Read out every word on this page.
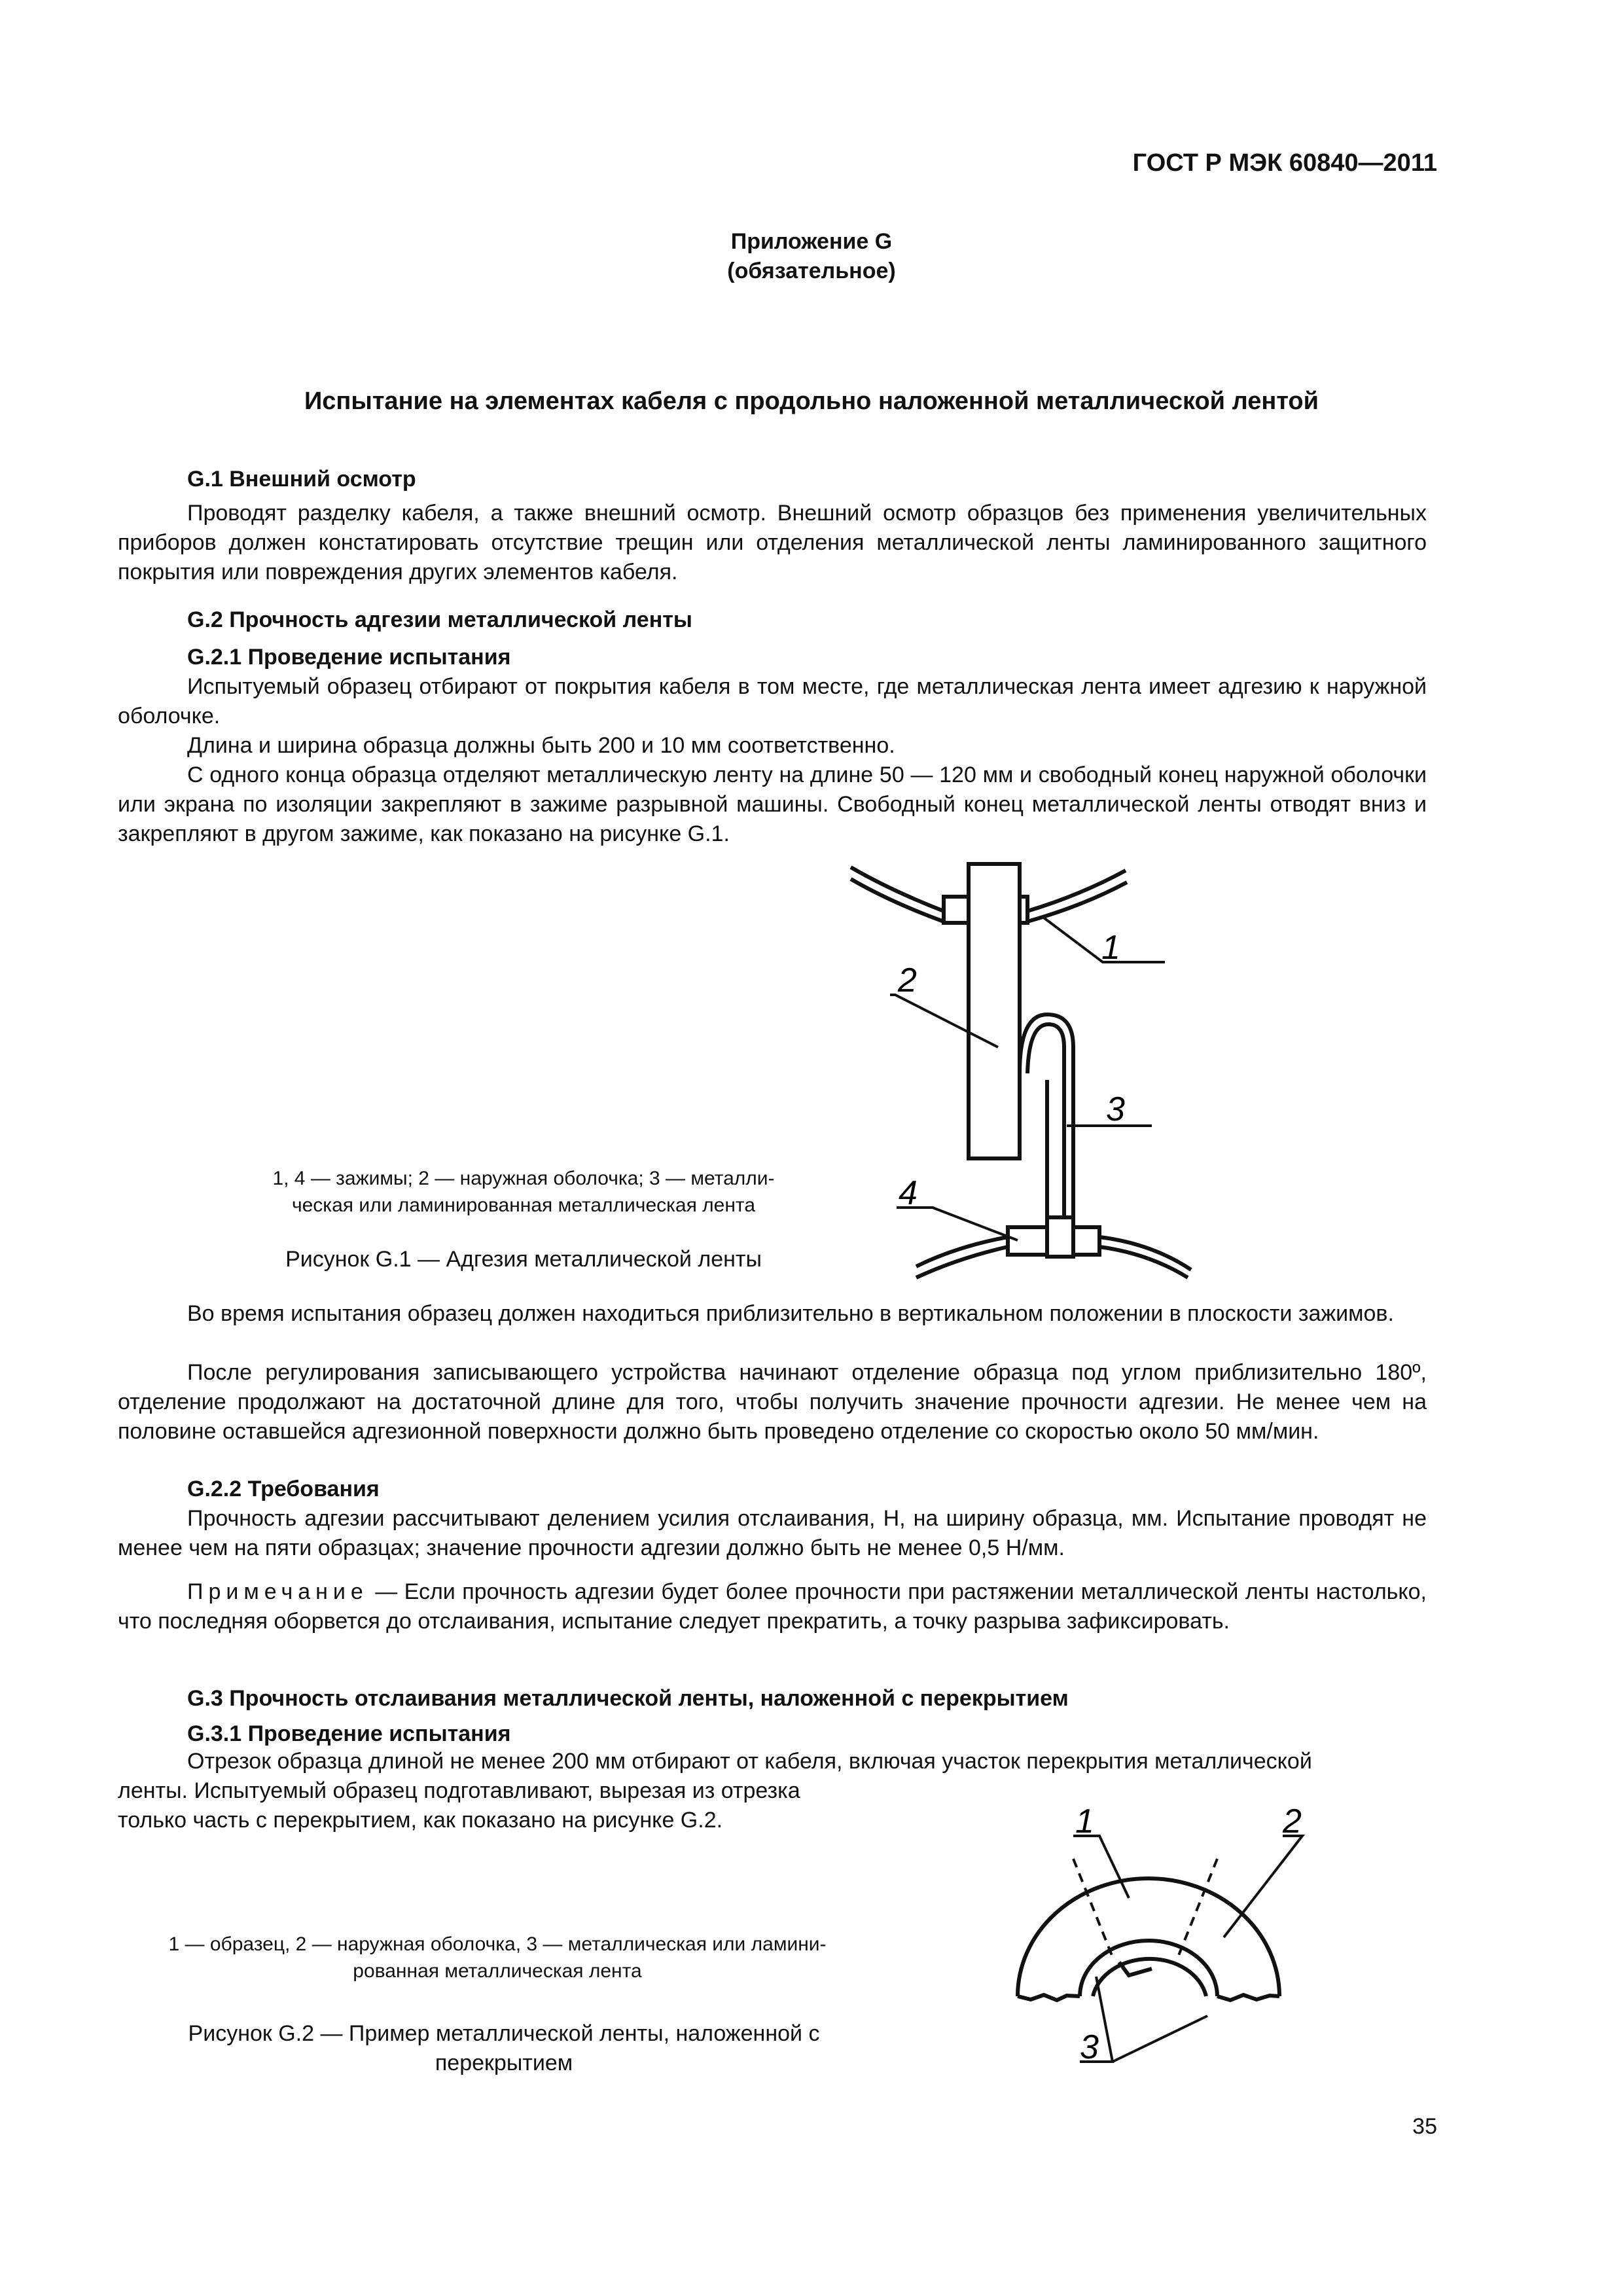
ГОСТ Р МЭК 60840—2011
Приложение G
(обязательное)
Испытание на элементах кабеля с продольно наложенной металлической лентой
G.1 Внешний осмотр
Проводят разделку кабеля, а также внешний осмотр. Внешний осмотр образцов без применения увеличительных приборов должен констатировать отсутствие трещин или отделения металлической ленты ламинированного защитного покрытия или повреждения других элементов кабеля.
G.2 Прочность адгезии металлической ленты
G.2.1 Проведение испытания
Испытуемый образец отбирают от покрытия кабеля в том месте, где металлическая лента имеет адгезию к наружной оболочке.
Длина и ширина образца должны быть 200 и 10 мм соответственно.
С одного конца образца отделяют металлическую ленту на длине 50 — 120 мм и свободный конец наружной оболочки или экрана по изоляции закрепляют в зажиме разрывной машины. Свободный конец металлической ленты отводят вниз и закрепляют в другом зажиме, как показано на рисунке G.1.
1, 4 — зажимы; 2 — наружная оболочка; 3 — металли-
ческая или ламинированная металлическая лента
Рисунок G.1 — Адгезия металлической ленты
1
2
3
4
Во время испытания образец должен находиться приблизительно в вертикальном положении в плоскости зажимов.
После регулирования записывающего устройства начинают отделение образца под углом приблизительно 180º, отделение продолжают на достаточной длине для того, чтобы получить значение прочности адгезии. Не менее чем на половине оставшейся адгезионной поверхности должно быть проведено отделение со скоростью около 50 мм/мин.
G.2.2 Требования
Прочность адгезии рассчитывают делением усилия отслаивания, Н, на ширину образца, мм. Испытание проводят не менее чем на пяти образцах; значение прочности адгезии должно быть не менее 0,5 Н/мм.
Примечание — Если прочность адгезии будет более прочности при растяжении металлической ленты настолько, что последняя оборвется до отслаивания, испытание следует прекратить, а точку разрыва зафиксировать.
G.3 Прочность отслаивания металлической ленты, наложенной с перекрытием
G.3.1 Проведение испытания
Отрезок образца длиной не менее 200 мм отбирают от кабеля, включая участок перекрытия металлической
ленты. Испытуемый образец подготавливают, вырезая из отрезка
только часть с перекрытием, как показано на рисунке G.2.
1 — образец, 2 — наружная оболочка, 3 — металлическая или ламини-
рованная металлическая лента
Рисунок G.2 — Пример металлической ленты, наложенной с
перекрытием
1	2
3
35
